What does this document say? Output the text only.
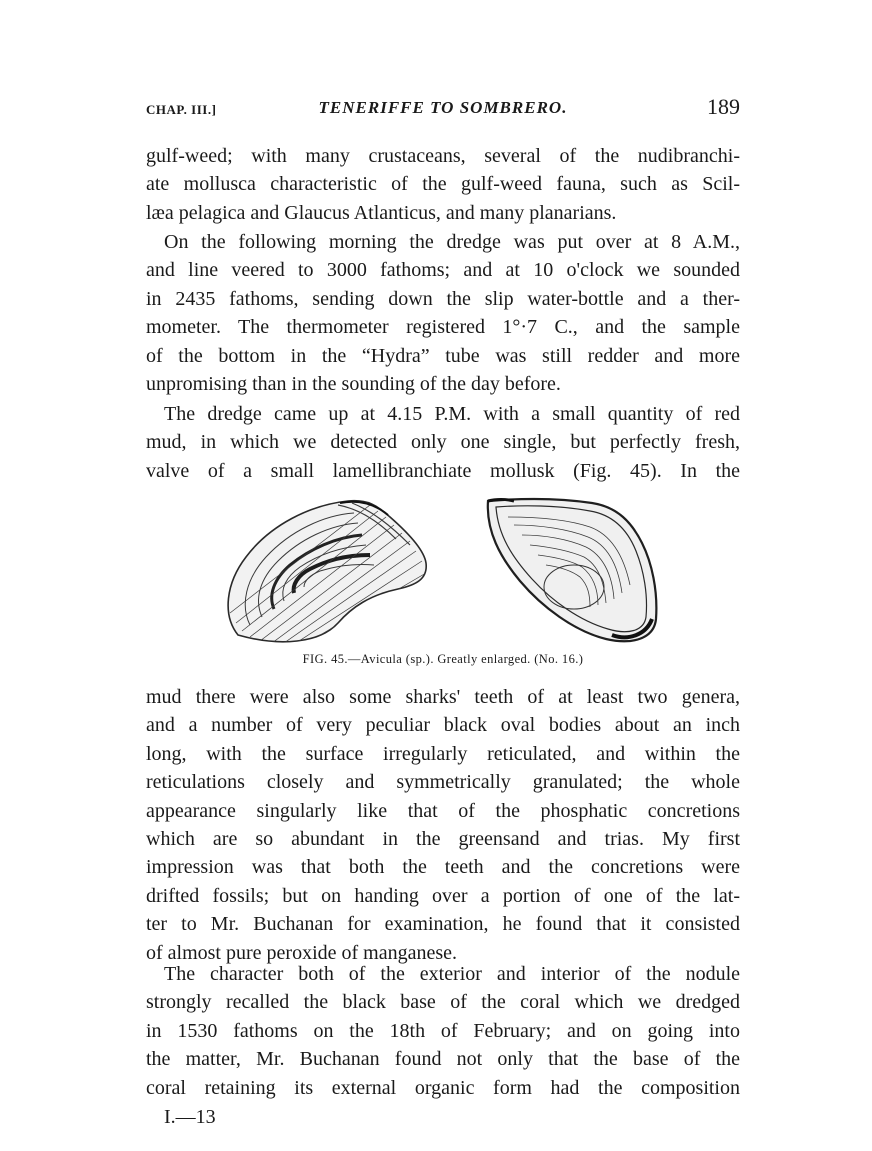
CHAP. III.]	TENERIFFE TO SOMBRERO.	189
gulf-weed; with many crustaceans, several of the nudibranchi-
ate mollusca characteristic of the gulf-weed fauna, such as Scil-
læa pelagica and Glaucus Atlanticus, and many planarians.
On the following morning the dredge was put over at 8 A.M.,
and line veered to 3000 fathoms; and at 10 o'clock we sounded
in 2435 fathoms, sending down the slip water-bottle and a ther-
mometer. The thermometer registered 1°·7 C., and the sample
of the bottom in the “Hydra” tube was still redder and more
unpromising than in the sounding of the day before.
The dredge came up at 4.15 P.M. with a small quantity of red
mud, in which we detected only one single, but perfectly fresh,
valve of a small lamellibranchiate mollusk (Fig. 45). In the
FIG. 45.—Avicula (sp.). Greatly enlarged. (No. 16.)
mud there were also some sharks' teeth of at least two genera,
and a number of very peculiar black oval bodies about an inch
long, with the surface irregularly reticulated, and within the
reticulations closely and symmetrically granulated; the whole
appearance singularly like that of the phosphatic concretions
which are so abundant in the greensand and trias. My first
impression was that both the teeth and the concretions were
drifted fossils; but on handing over a portion of one of the lat-
ter to Mr. Buchanan for examination, he found that it consisted
of almost pure peroxide of manganese.
The character both of the exterior and interior of the nodule
strongly recalled the black base of the coral which we dredged
in 1530 fathoms on the 18th of February; and on going into
the matter, Mr. Buchanan found not only that the base of the
coral retaining its external organic form had the composition
I.—13
